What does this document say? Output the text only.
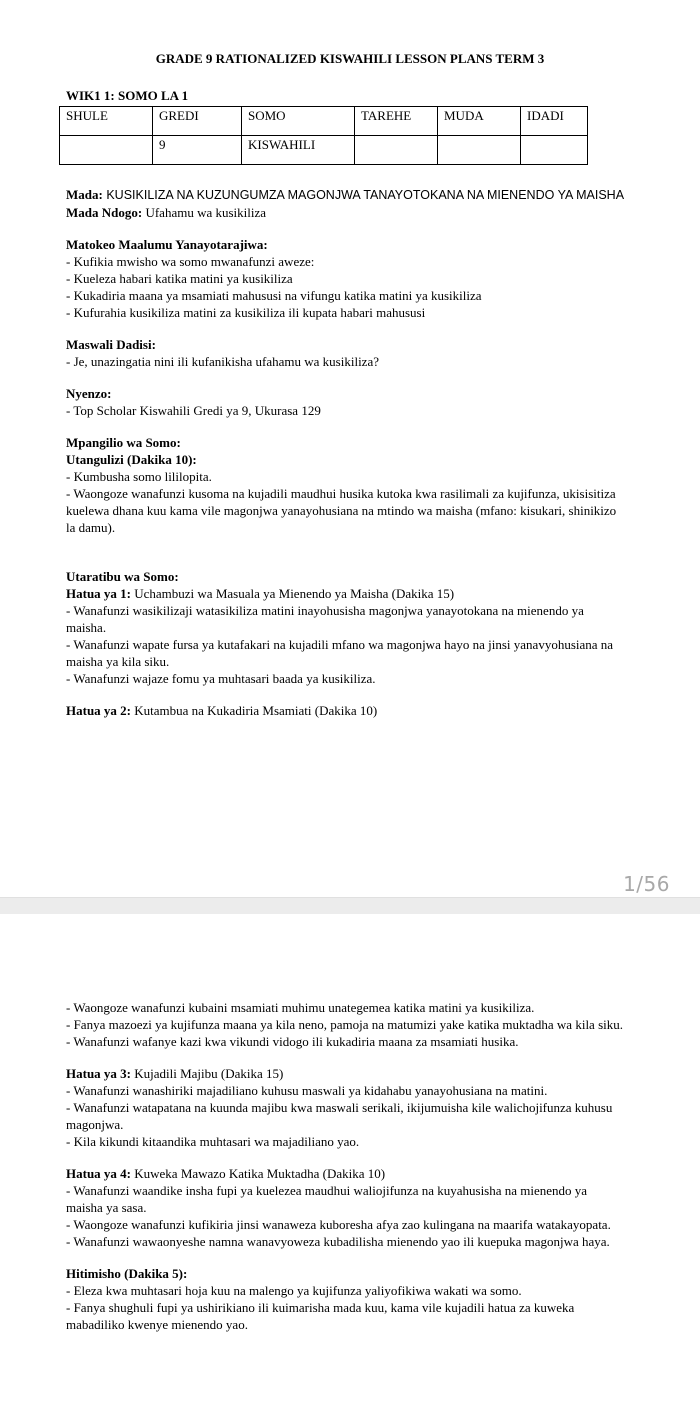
GRADE 9 RATIONALIZED KISWAHILI LESSON PLANS TERM 3
WIK1 1: SOMO LA 1
SHULE	GREDI	SOMO	TAREHE	MUDA	IDADI
	9	KISWAHILI			

Mada: KUSIKILIZA NA KUZUNGUMZA MAGONJWA TANAYOTOKANA NA MIENENDO YA MAISHA

Mada Ndogo: Ufahamu wa kusikiliza

Matokeo Maalumu Yanayotarajiwa:

- Kufikia mwisho wa somo mwanafunzi aweze:

- Kueleza habari katika matini ya kusikiliza

- Kukadiria maana ya msamiati mahususi na vifungu katika matini ya kusikiliza

- Kufurahia kusikiliza matini za kusikiliza ili kupata habari mahususi

Maswali Dadisi:

- Je, unazingatia nini ili kufanikisha ufahamu wa kusikiliza?

Nyenzo:

- Top Scholar Kiswahili Gredi ya 9, Ukurasa 129

Mpangilio wa Somo:

Utangulizi (Dakika 10):

- Kumbusha somo lililopita.

- Waongoze wanafunzi kusoma na kujadili maudhui husika kutoka kwa rasilimali za kujifunza, ukisisitiza kuelewa dhana kuu kama vile magonjwa yanayohusiana na mtindo wa maisha (mfano: kisukari, shinikizo la damu).

Utaratibu wa Somo:

Hatua ya 1: Uchambuzi wa Masuala ya Mienendo ya Maisha (Dakika 15)

- Wanafunzi wasikilizaji watasikiliza matini inayohusisha magonjwa yanayotokana na mienendo ya maisha.

- Wanafunzi wapate fursa ya kutafakari na kujadili mfano wa magonjwa hayo na jinsi yanavyohusiana na maisha ya kila siku.

- Wanafunzi wajaze fomu ya muhtasari baada ya kusikiliza.

Hatua ya 2: Kutambua na Kukadiria Msamiati (Dakika 10)

1/56

- Waongoze wanafunzi kubaini msamiati muhimu unategemea katika matini ya kusikiliza.

- Fanya mazoezi ya kujifunza maana ya kila neno, pamoja na matumizi yake katika muktadha wa kila siku.

- Wanafunzi wafanye kazi kwa vikundi vidogo ili kukadiria maana za msamiati husika.

Hatua ya 3: Kujadili Majibu (Dakika 15)

- Wanafunzi wanashiriki majadiliano kuhusu maswali ya kidahabu yanayohusiana na matini.

- Wanafunzi watapatana na kuunda majibu kwa maswali serikali, ikijumuisha kile walichojifunza kuhusu magonjwa.

- Kila kikundi kitaandika muhtasari wa majadiliano yao.

Hatua ya 4: Kuweka Mawazo Katika Muktadha (Dakika 10)

- Wanafunzi waandike insha fupi ya kuelezea maudhui waliojifunza na kuyahusisha na mienendo ya maisha ya sasa.

- Waongoze wanafunzi kufikiria jinsi wanaweza kuboresha afya zao kulingana na maarifa watakayopata.

- Wanafunzi wawaonyeshe namna wanavyoweza kubadilisha mienendo yao ili kuepuka magonjwa haya.

Hitimisho (Dakika 5):

- Eleza kwa muhtasari hoja kuu na malengo ya kujifunza yaliyofikiwa wakati wa somo.

- Fanya shughuli fupi ya ushirikiano ili kuimarisha mada kuu, kama vile kujadili hatua za kuweka mabadiliko kwenye mienendo yao.
